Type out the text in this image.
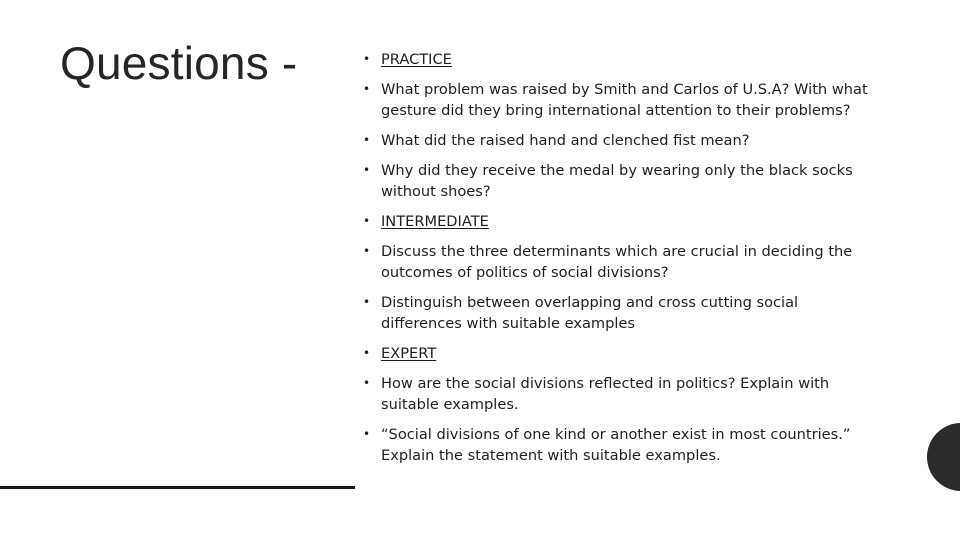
Questions -	• PRACTICE
• What problem was raised by Smith and Carlos of U.S.A? With what gesture did they bring international attention to their problems?
• What did the raised hand and clenched fist mean?
• Why did they receive the medal by wearing only the black socks without shoes?
• INTERMEDIATE
• Discuss the three determinants which are crucial in deciding the outcomes of politics of social divisions?
• Distinguish between overlapping and cross cutting social differences with suitable examples
• EXPERT
• How are the social divisions reflected in politics? Explain with suitable examples.
• “Social divisions of one kind or another exist in most countries.” Explain the statement with suitable examples.
